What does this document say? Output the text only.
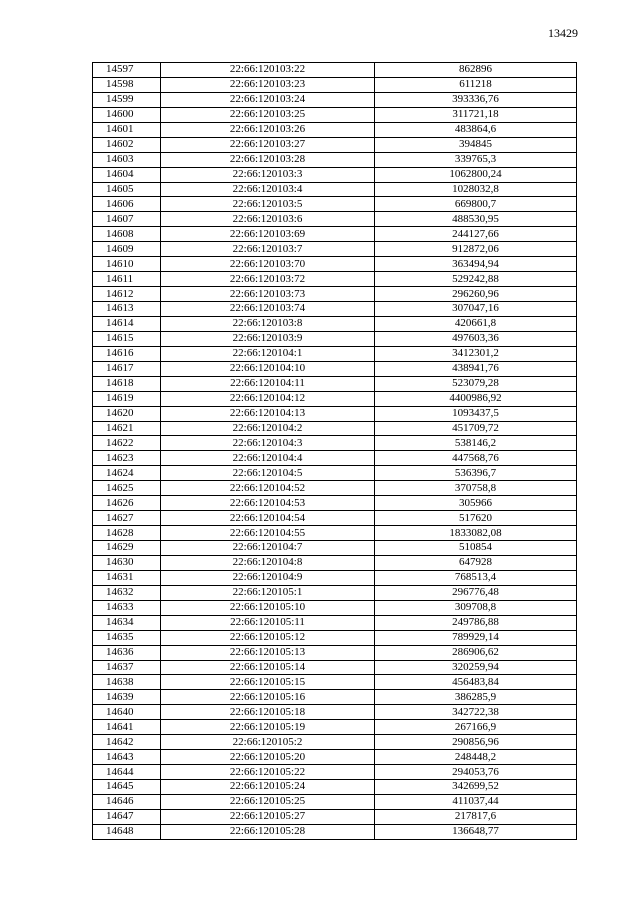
13429
14597	22:66:120103:22	862896
14598	22:66:120103:23	611218
14599	22:66:120103:24	393336,76
14600	22:66:120103:25	311721,18
14601	22:66:120103:26	483864,6
14602	22:66:120103:27	394845
14603	22:66:120103:28	339765,3
14604	22:66:120103:3	1062800,24
14605	22:66:120103:4	1028032,8
14606	22:66:120103:5	669800,7
14607	22:66:120103:6	488530,95
14608	22:66:120103:69	244127,66
14609	22:66:120103:7	912872,06
14610	22:66:120103:70	363494,94
14611	22:66:120103:72	529242,88
14612	22:66:120103:73	296260,96
14613	22:66:120103:74	307047,16
14614	22:66:120103:8	420661,8
14615	22:66:120103:9	497603,36
14616	22:66:120104:1	3412301,2
14617	22:66:120104:10	438941,76
14618	22:66:120104:11	523079,28
14619	22:66:120104:12	4400986,92
14620	22:66:120104:13	1093437,5
14621	22:66:120104:2	451709,72
14622	22:66:120104:3	538146,2
14623	22:66:120104:4	447568,76
14624	22:66:120104:5	536396,7
14625	22:66:120104:52	370758,8
14626	22:66:120104:53	305966
14627	22:66:120104:54	517620
14628	22:66:120104:55	1833082,08
14629	22:66:120104:7	510854
14630	22:66:120104:8	647928
14631	22:66:120104:9	768513,4
14632	22:66:120105:1	296776,48
14633	22:66:120105:10	309708,8
14634	22:66:120105:11	249786,88
14635	22:66:120105:12	789929,14
14636	22:66:120105:13	286906,62
14637	22:66:120105:14	320259,94
14638	22:66:120105:15	456483,84
14639	22:66:120105:16	386285,9
14640	22:66:120105:18	342722,38
14641	22:66:120105:19	267166,9
14642	22:66:120105:2	290856,96
14643	22:66:120105:20	248448,2
14644	22:66:120105:22	294053,76
14645	22:66:120105:24	342699,52
14646	22:66:120105:25	411037,44
14647	22:66:120105:27	217817,6
14648	22:66:120105:28	136648,77
